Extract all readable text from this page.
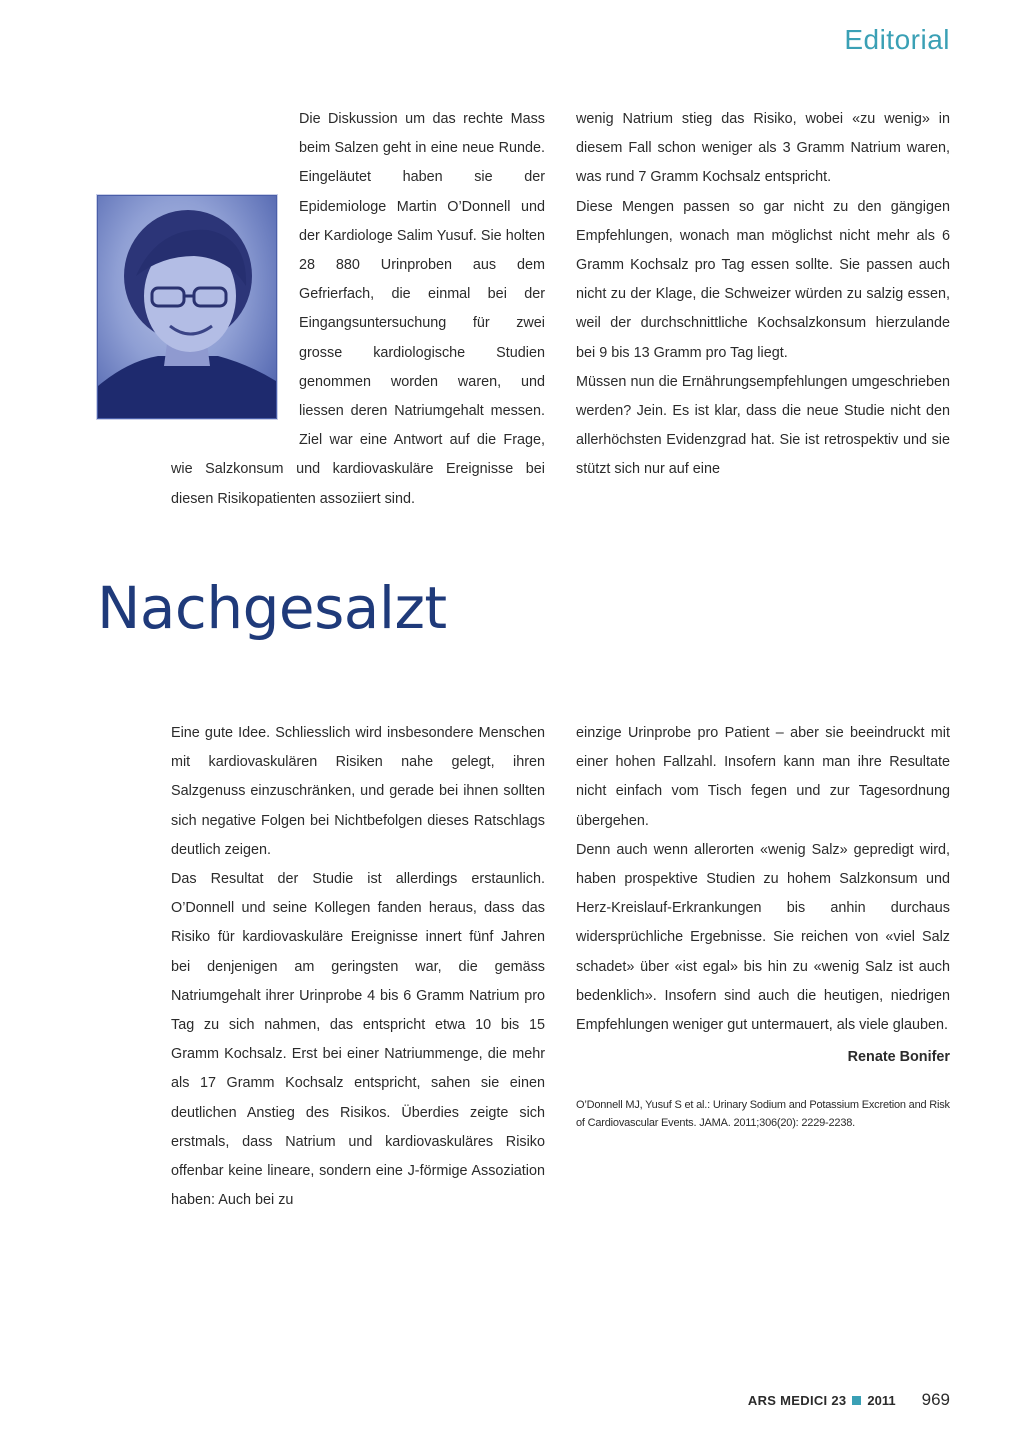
Editorial

Die Diskussion um das rechte Mass beim Salzen geht in eine neue Runde. Eingeläutet haben sie der Epidemiologe Martin O’Donnell und der Kardiologe Salim Yusuf. Sie holten 28 880 Urinproben aus dem Gefrierfach, die einmal bei der Eingangsuntersuchung für zwei grosse kardiologische Studien genommen worden waren, und liessen deren Natriumgehalt messen. Ziel war eine Antwort auf die Frage, wie Salzkonsum und kardiovaskuläre Ereignisse bei diesen Risikopatienten assoziiert sind.

wenig Natrium stieg das Risiko, wobei «zu wenig» in diesem Fall schon weniger als 3 Gramm Natrium waren, was rund 7 Gramm Kochsalz entspricht.

Diese Mengen passen so gar nicht zu den gängigen Empfehlungen, wonach man möglichst nicht mehr als 6 Gramm Kochsalz pro Tag essen sollte. Sie passen auch nicht zu der Klage, die Schweizer würden zu salzig essen, weil der durchschnittliche Kochsalzkonsum hierzulande bei 9 bis 13 Gramm pro Tag liegt.

Müssen nun die Ernährungsempfehlungen umgeschrieben werden? Jein. Es ist klar, dass die neue Studie nicht den allerhöchsten Evidenzgrad hat. Sie ist retrospektiv und sie stützt sich nur auf eine

Nachgesalzt

Eine gute Idee. Schliesslich wird insbesondere Menschen mit kardiovaskulären Risiken nahe gelegt, ihren Salzgenuss einzuschränken, und gerade bei ihnen sollten sich negative Folgen bei Nichtbefolgen dieses Ratschlags deutlich zeigen.

Das Resultat der Studie ist allerdings erstaunlich. O’Donnell und seine Kollegen fanden heraus, dass das Risiko für kardiovaskuläre Ereignisse innert fünf Jahren bei denjenigen am geringsten war, die gemäss Natriumgehalt ihrer Urinprobe 4 bis 6 Gramm Natrium pro Tag zu sich nahmen, das entspricht etwa 10 bis 15 Gramm Kochsalz. Erst bei einer Natriummenge, die mehr als 17 Gramm Kochsalz entspricht, sahen sie einen deutlichen Anstieg des Risikos. Überdies zeigte sich erstmals, dass Natrium und kardiovaskuläres Risiko offenbar keine lineare, sondern eine J-förmige Assoziation haben: Auch bei zu

einzige Urinprobe pro Patient – aber sie beeindruckt mit einer hohen Fallzahl. Insofern kann man ihre Resultate nicht einfach vom Tisch fegen und zur Tagesordnung übergehen.

Denn auch wenn allerorten «wenig Salz» gepredigt wird, haben prospektive Studien zu hohem Salzkonsum und Herz-Kreislauf-Erkrankungen bis anhin durchaus widersprüchliche Ergebnisse. Sie reichen von «viel Salz schadet» über «ist egal» bis hin zu «wenig Salz ist auch bedenklich». Insofern sind auch die heutigen, niedrigen Empfehlungen weniger gut untermauert, als viele glauben.

Renate Bonifer

O’Donnell MJ, Yusuf S et al.: Urinary Sodium and Potassium Excretion and Risk of Cardiovascular Events. JAMA. 2011;306(20): 2229-2238.

ARS MEDICI 23 2011 969
